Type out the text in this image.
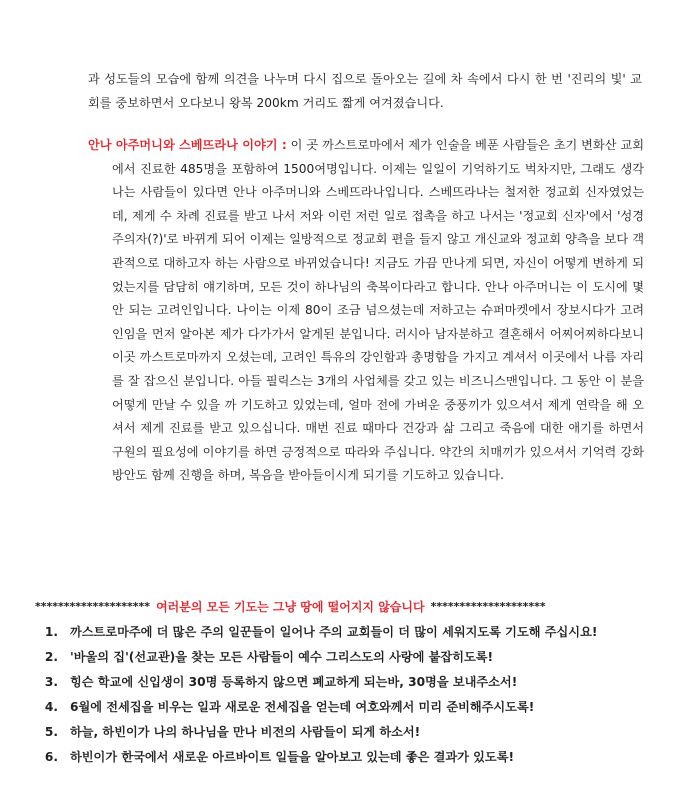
과 성도들의 모습에 함께 의견을 나누며 다시 집으로 돌아오는 길에 차 속에서 다시 한 번 '진리의 빛' 교회를 중보하면서 오다보니 왕복 200km 거리도 짧게 여겨졌습니다.

안나 아주머니와 스베뜨라나 이야기 : 이 곳 까스트로마에서 제가 인술을 베푼 사람들은 초기 변화산 교회에서 진료한 485명을 포함하여 1500여명입니다. 이제는 일일이 기억하기도 벅차지만, 그래도 생각나는 사람들이 있다면 안나 아주머니와 스베뜨라나입니다. 스베뜨라나는 철저한 정교회 신자였었는데, 제게 수 차례 진료를 받고 나서 저와 이런 저런 일로 접촉을 하고 나서는 '정교회 신자'에서 '성경주의자(?)'로 바뀌게 되어 이제는 일방적으로 정교회 편을 들지 않고 개신교와 정교회 양측을 보다 객관적으로 대하고자 하는 사람으로 바뀌었습니다! 지금도 가끔 만나게 되면, 자신이 어떻게 변하게 되었는지를 담담히 얘기하며, 모든 것이 하나님의 축복이다라고 합니다. 안나 아주머니는 이 도시에 몇 안 되는 고려인입니다. 나이는 이제 80이 조금 넘으셨는데 저하고는 슈퍼마켓에서 장보시다가 고려인임을 먼저 알아본 제가 다가가서 알게된 분입니다. 러시아 남자분하고 결혼해서 어찌어찌하다보니 이곳 까스트로마까지 오셨는데, 고려인 특유의 강인함과 총명함을 가지고 계셔서 이곳에서 나름 자리를 잘 잡으신 분입니다. 아들 필릭스는 3개의 사업체를 갖고 있는 비즈니스맨입니다. 그 동안 이 분을 어떻게 만날 수 있을 까 기도하고 있었는데, 얼마 전에 가벼운 중풍끼가 있으셔서 제게 연락을 해 오셔서 제게 진료를 받고 있으십니다. 매번 진료 때마다 건강과 삶 그리고 죽음에 대한 애기를 하면서 구원의 필요성에 이야기를 하면 긍정적으로 따라와 주십니다. 약간의 치매끼가 있으셔서 기억력 강화 방안도 함께 진행을 하며, 복음을 받아들이시게 되기를 기도하고 있습니다.

******************** 여러분의 모든 기도는 그냥 땅에 떨어지지 않습니다 ********************
1. 까스트로마주에 더 많은 주의 일꾼들이 일어나 주의 교회들이 더 많이 세워지도록 기도해 주십시요!
2. '바울의 집'(선교관)을 찾는 모든 사람들이 예수 그리스도의 사랑에 붙잡히도록!
3. 힝슨 학교에 신입생이 30명 등록하지 않으면 폐교하게 되는바, 30명을 보내주소서!
4. 6월에 전세집을 비우는 일과 새로운 전세집을 얻는데 여호와께서 미리 준비해주시도록!
5. 하늘, 하빈이가 나의 하나님을 만나 비전의 사람들이 되게 하소서!
6. 하빈이가 한국에서 새로운 아르바이트 일들을 알아보고 있는데 좋은 결과가 있도록!
